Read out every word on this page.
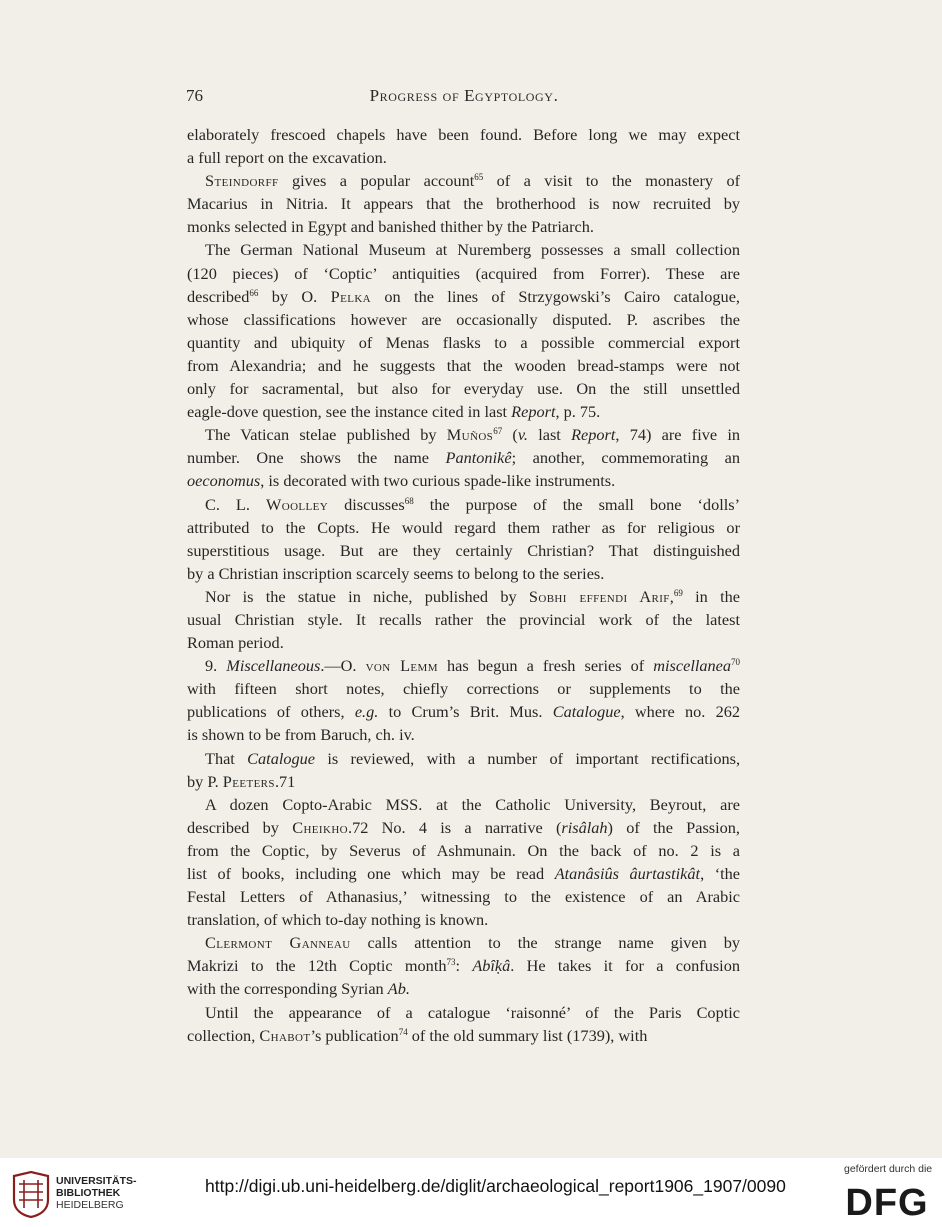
76	Progress of Egyptology.
elaborately frescoed chapels have been found. Before long we may expect
a full report on the excavation.
Steindorff gives a popular account$^{65}$ of a visit to the monastery of
Macarius in Nitria. It appears that the brotherhood is now recruited by
monks selected in Egypt and banished thither by the Patriarch.
The German National Museum at Nuremberg possesses a small collection
(120 pieces) of ‘Coptic’ antiquities (acquired from Forrer). These are
described$^{66}$ by O. Pelka on the lines of Strzygowski’s Cairo catalogue,
whose classifications however are occasionally disputed. P. ascribes the
quantity and ubiquity of Menas flasks to a possible commercial export
from Alexandria; and he suggests that the wooden bread-stamps were not
only for sacramental, but also for everyday use. On the still unsettled
eagle-dove question, see the instance cited in last Report, p. 75.
The Vatican stelae published by Muños$^{67}$ (v. last Report, 74) are five in
number. One shows the name Pantonikê; another, commemorating an
oeconomus, is decorated with two curious spade-like instruments.
C. L. Woolley discusses$^{68}$ the purpose of the small bone ‘dolls’
attributed to the Copts. He would regard them rather as for religious or
superstitious usage. But are they certainly Christian? That distinguished
by a Christian inscription scarcely seems to belong to the series.
Nor is the statue in niche, published by Sobhi effendi Arif,$^{69}$ in the
usual Christian style. It recalls rather the provincial work of the latest
Roman period.
9. Miscellaneous.—O. von Lemm has begun a fresh series of miscellanea$^{70}$
with fifteen short notes, chiefly corrections or supplements to the
publications of others, e.g. to Crum’s Brit. Mus. Catalogue, where no. 262
is shown to be from Baruch, ch. iv.
That Catalogue is reviewed, with a number of important rectifications,
by P. Peeters.71
A dozen Copto-Arabic MSS. at the Catholic University, Beyrout, are
described by Cheikho.72 No. 4 is a narrative (risâlah) of the Passion,
from the Coptic, by Severus of Ashmunain. On the back of no. 2 is a
list of books, including one which may be read Atanâsiûs âurtastikât, ‘the
Festal Letters of Athanasius,’ witnessing to the existence of an Arabic
translation, of which to-day nothing is known.
Clermont Ganneau calls attention to the strange name given by
Makrizi to the 12th Coptic month$^{73}$: Abîḳâ. He takes it for a confusion
with the corresponding Syrian Ab.
Until the appearance of a catalogue ‘raisonné’ of the Paris Coptic
collection, Chabot’s publication$^{74}$ of the old summary list (1739), with
UNIVERSITÄTS-
BIBLIOTHEK
HEIDELBERG
http://digi.ub.uni-heidelberg.de/diglit/archaeological_report1906_1907/0090
gefördert durch die
DFG
